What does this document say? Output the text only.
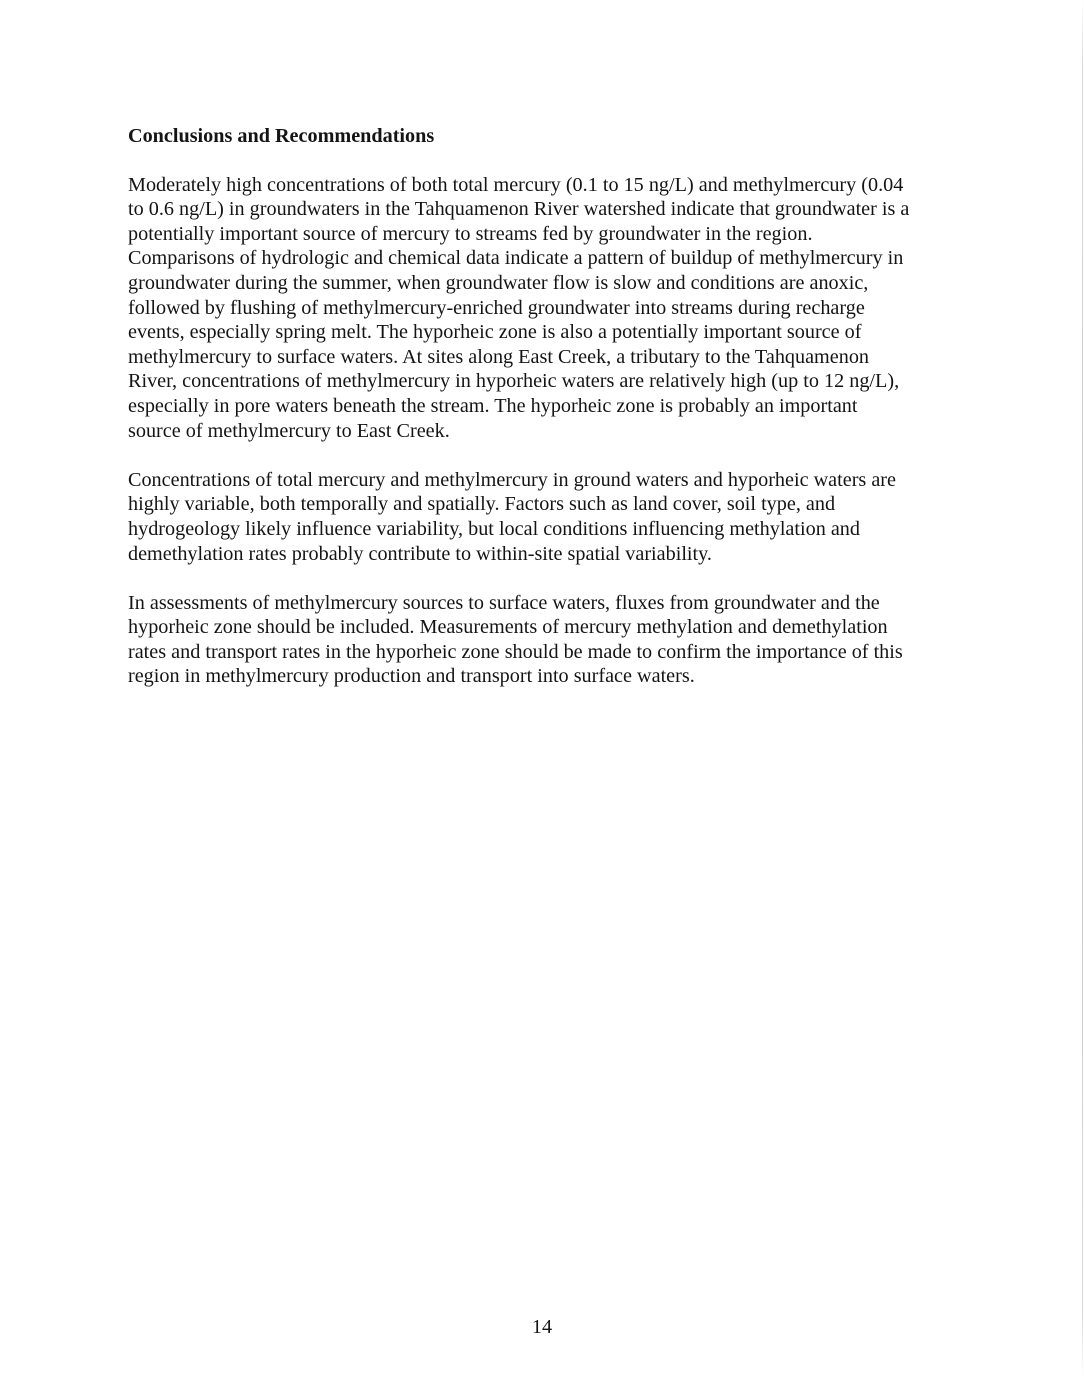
Conclusions and Recommendations
Moderately high concentrations of both total mercury (0.1 to 15 ng/L) and methylmercury (0.04
to 0.6 ng/L) in groundwaters in the Tahquamenon River watershed indicate that groundwater is a
potentially important source of mercury to streams fed by groundwater in the region.
Comparisons of hydrologic and chemical data indicate a pattern of buildup of methylmercury in
groundwater during the summer, when groundwater flow is slow and conditions are anoxic,
followed by flushing of methylmercury-enriched groundwater into streams during recharge
events, especially spring melt. The hyporheic zone is also a potentially important source of
methylmercury to surface waters. At sites along East Creek, a tributary to the Tahquamenon
River, concentrations of methylmercury in hyporheic waters are relatively high (up to 12 ng/L),
especially in pore waters beneath the stream. The hyporheic zone is probably an important
source of methylmercury to East Creek.
Concentrations of total mercury and methylmercury in ground waters and hyporheic waters are
highly variable, both temporally and spatially. Factors such as land cover, soil type, and
hydrogeology likely influence variability, but local conditions influencing methylation and
demethylation rates probably contribute to within-site spatial variability.
In assessments of methylmercury sources to surface waters, fluxes from groundwater and the
hyporheic zone should be included. Measurements of mercury methylation and demethylation
rates and transport rates in the hyporheic zone should be made to confirm the importance of this
region in methylmercury production and transport into surface waters.
14
